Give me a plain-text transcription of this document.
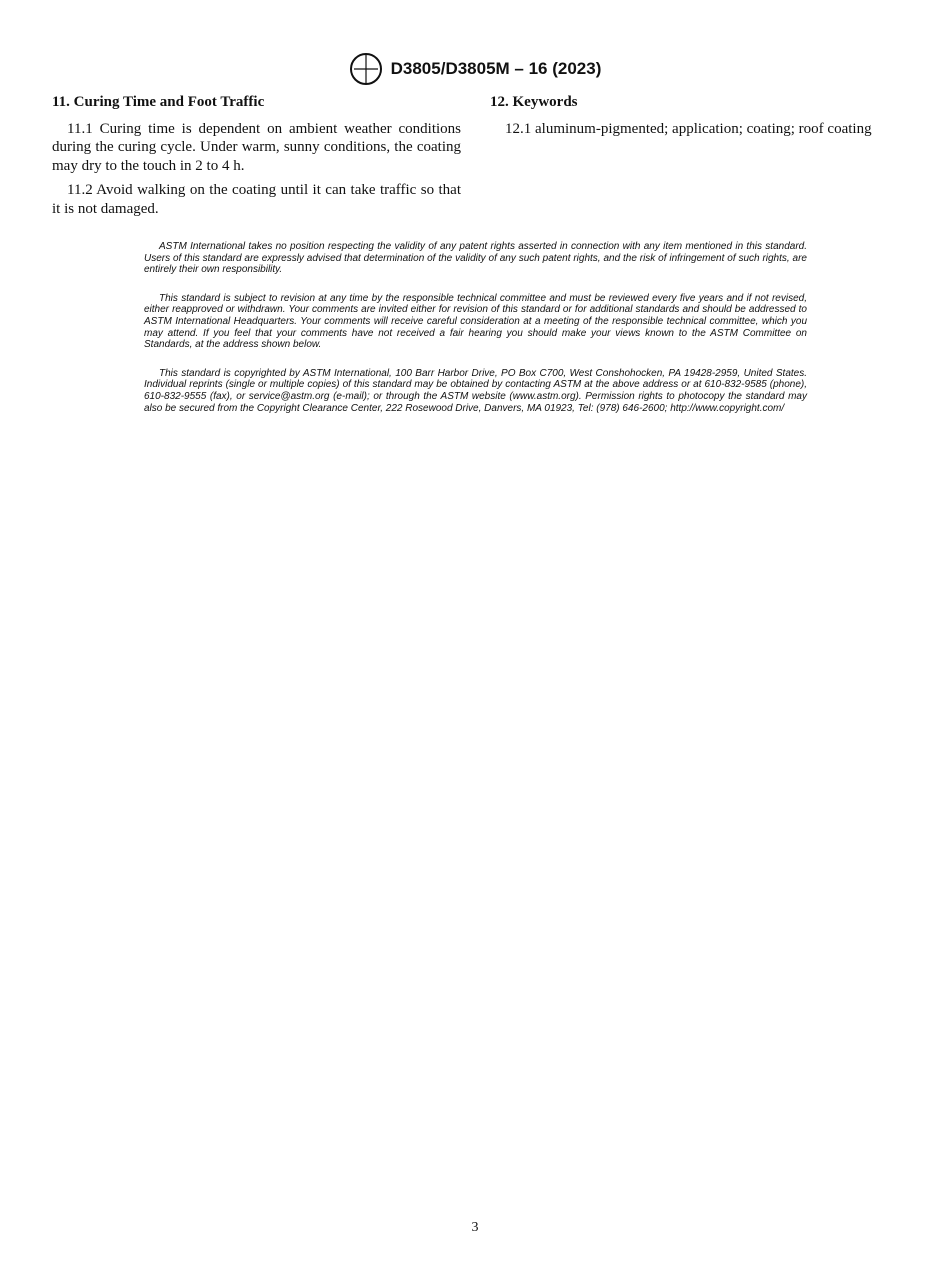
D3805/D3805M – 16 (2023)
11. Curing Time and Foot Traffic

11.1 Curing time is dependent on ambient weather conditions during the curing cycle. Under warm, sunny conditions, the coating may dry to the touch in 2 to 4 h.

11.2 Avoid walking on the coating until it can take traffic so that it is not damaged.

12. Keywords

12.1 aluminum-pigmented; application; coating; roof coating

ASTM International takes no position respecting the validity of any patent rights asserted in connection with any item mentioned in this standard. Users of this standard are expressly advised that determination of the validity of any such patent rights, and the risk of infringement of such rights, are entirely their own responsibility.

This standard is subject to revision at any time by the responsible technical committee and must be reviewed every five years and if not revised, either reapproved or withdrawn. Your comments are invited either for revision of this standard or for additional standards and should be addressed to ASTM International Headquarters. Your comments will receive careful consideration at a meeting of the responsible technical committee, which you may attend. If you feel that your comments have not received a fair hearing you should make your views known to the ASTM Committee on Standards, at the address shown below.

This standard is copyrighted by ASTM International, 100 Barr Harbor Drive, PO Box C700, West Conshohocken, PA 19428-2959, United States. Individual reprints (single or multiple copies) of this standard may be obtained by contacting ASTM at the above address or at 610-832-9585 (phone), 610-832-9555 (fax), or service@astm.org (e-mail); or through the ASTM website (www.astm.org). Permission rights to photocopy the standard may also be secured from the Copyright Clearance Center, 222 Rosewood Drive, Danvers, MA 01923, Tel: (978) 646-2600; http://www.copyright.com/

3
